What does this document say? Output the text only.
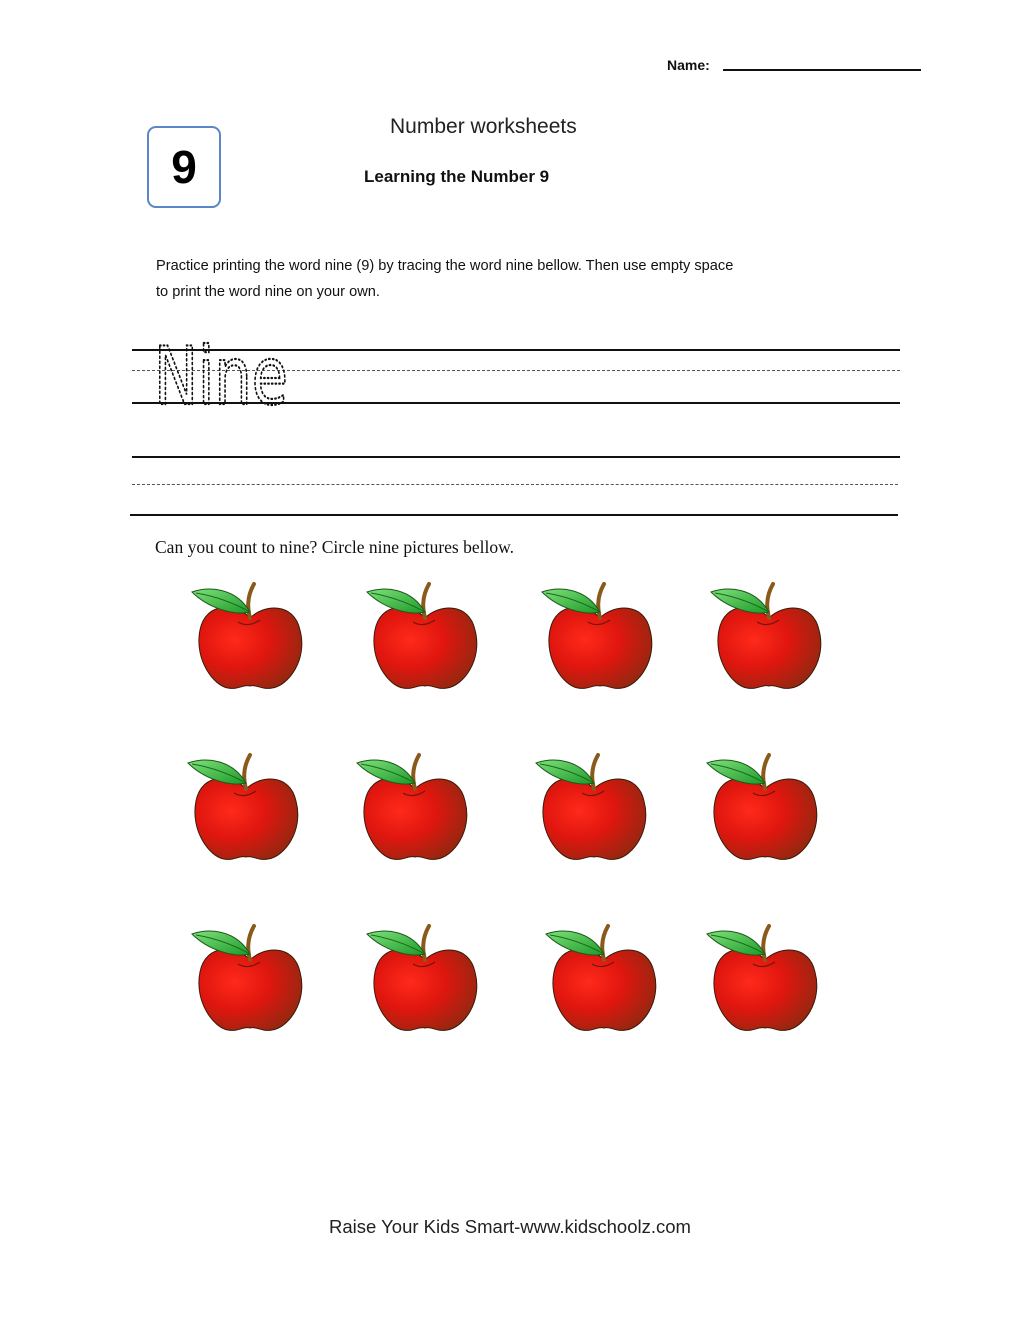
Name:
9
Number worksheets
Learning the Number 9
Practice printing the word nine (9) by tracing the word nine bellow. Then use empty space
to print the word nine on your own.
Nine
Can you count to nine? Circle nine pictures bellow.
Raise Your Kids Smart-www.kidschoolz.com
